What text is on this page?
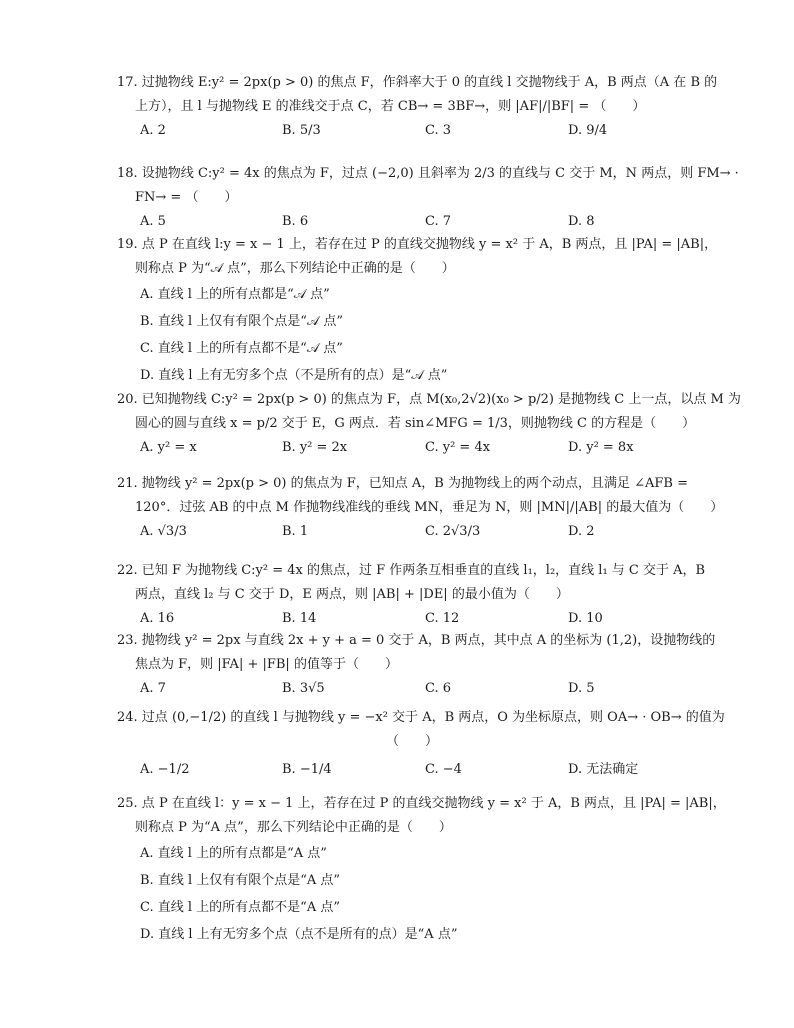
17. 过抛物线 E:y² = 2px(p > 0) 的焦点 F，作斜率大于 0 的直线 l 交抛物线于 A，B 两点（A 在 B 的
上方），且 l 与抛物线 E 的准线交于点 C，若 CB→ = 3BF→，则 |AF|/|BF| = （　　）
A. 2	B. 5/3	C. 3	D. 9/4
18. 设抛物线 C:y² = 4x 的焦点为 F，过点 (−2,0) 且斜率为 2/3 的直线与 C 交于 M，N 两点，则 FM→ ·
FN→ = （　　）
A. 5	B. 6	C. 7	D. 8
19. 点 P 在直线 l:y = x − 1 上，若存在过 P 的直线交抛物线 y = x² 于 A，B 两点，且 |PA| = |AB|，
则称点 P 为“𝒜 点”，那么下列结论中正确的是（　　）
A. 直线 l 上的所有点都是“𝒜 点”
B. 直线 l 上仅有有限个点是“𝒜 点”
C. 直线 l 上的所有点都不是“𝒜 点”
D. 直线 l 上有无穷多个点（不是所有的点）是“𝒜 点”
20. 已知抛物线 C:y² = 2px(p > 0) 的焦点为 F，点 M(x₀,2√2)(x₀ > p/2) 是抛物线 C 上一点，以点 M 为
圆心的圆与直线 x = p/2 交于 E，G 两点．若 sin∠MFG = 1/3，则抛物线 C 的方程是（　　）
A. y² = x	B. y² = 2x	C. y² = 4x	D. y² = 8x
21. 抛物线 y² = 2px(p > 0) 的焦点为 F，已知点 A，B 为抛物线上的两个动点，且满足 ∠AFB =
120°．过弦 AB 的中点 M 作抛物线准线的垂线 MN，垂足为 N，则 |MN|/|AB| 的最大值为（　　）
A. √3/3	B. 1	C. 2√3/3	D. 2
22. 已知 F 为抛物线 C:y² = 4x 的焦点，过 F 作两条互相垂直的直线 l₁，l₂，直线 l₁ 与 C 交于 A，B
两点，直线 l₂ 与 C 交于 D，E 两点，则 |AB| + |DE| 的最小值为（　　）
A. 16	B. 14	C. 12	D. 10
23. 抛物线 y² = 2px 与直线 2x + y + a = 0 交于 A，B 两点，其中点 A 的坐标为 (1,2)，设抛物线的
焦点为 F，则 |FA| + |FB| 的值等于（　　）
A. 7	B. 3√5	C. 6	D. 5
24. 过点 (0,−1/2) 的直线 l 与抛物线 y = −x² 交于 A，B 两点，O 为坐标原点，则 OA→ · OB→ 的值为
（　　）
A. −1/2	B. −1/4	C. −4	D. 无法确定
25. 点 P 在直线 l：y = x − 1 上，若存在过 P 的直线交抛物线 y = x² 于 A，B 两点，且 |PA| = |AB|，
则称点 P 为“A 点”，那么下列结论中正确的是（　　）
A. 直线 l 上的所有点都是“A 点”
B. 直线 l 上仅有有限个点是“A 点”
C. 直线 l 上的所有点都不是“A 点”
D. 直线 l 上有无穷多个点（点不是所有的点）是“A 点”
